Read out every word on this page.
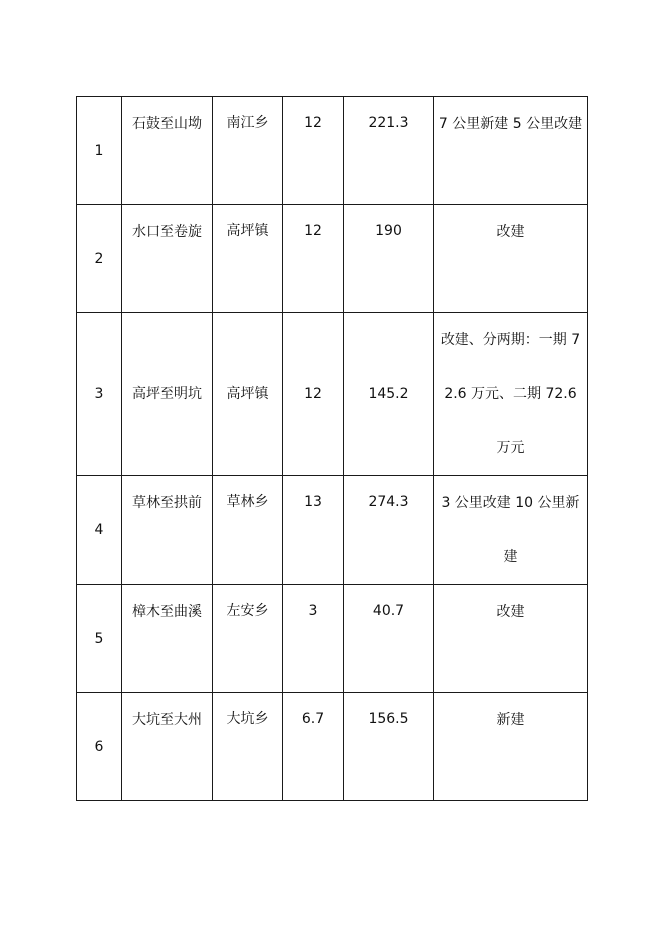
1	石鼓至山坳	南江乡	12	221.3	7 公里新建 5 公里改建
2	水口至卷旋	高坪镇	12	190	改建
3	高坪至明坑	高坪镇	12	145.2	改建、分两期：一期 72.6 万元、二期 72.6 万元
4	草林至拱前	草林乡	13	274.3	3 公里改建 10 公里新建
5	樟木至曲溪	左安乡	3	40.7	改建
6	大坑至大州	大坑乡	6.7	156.5	新建
